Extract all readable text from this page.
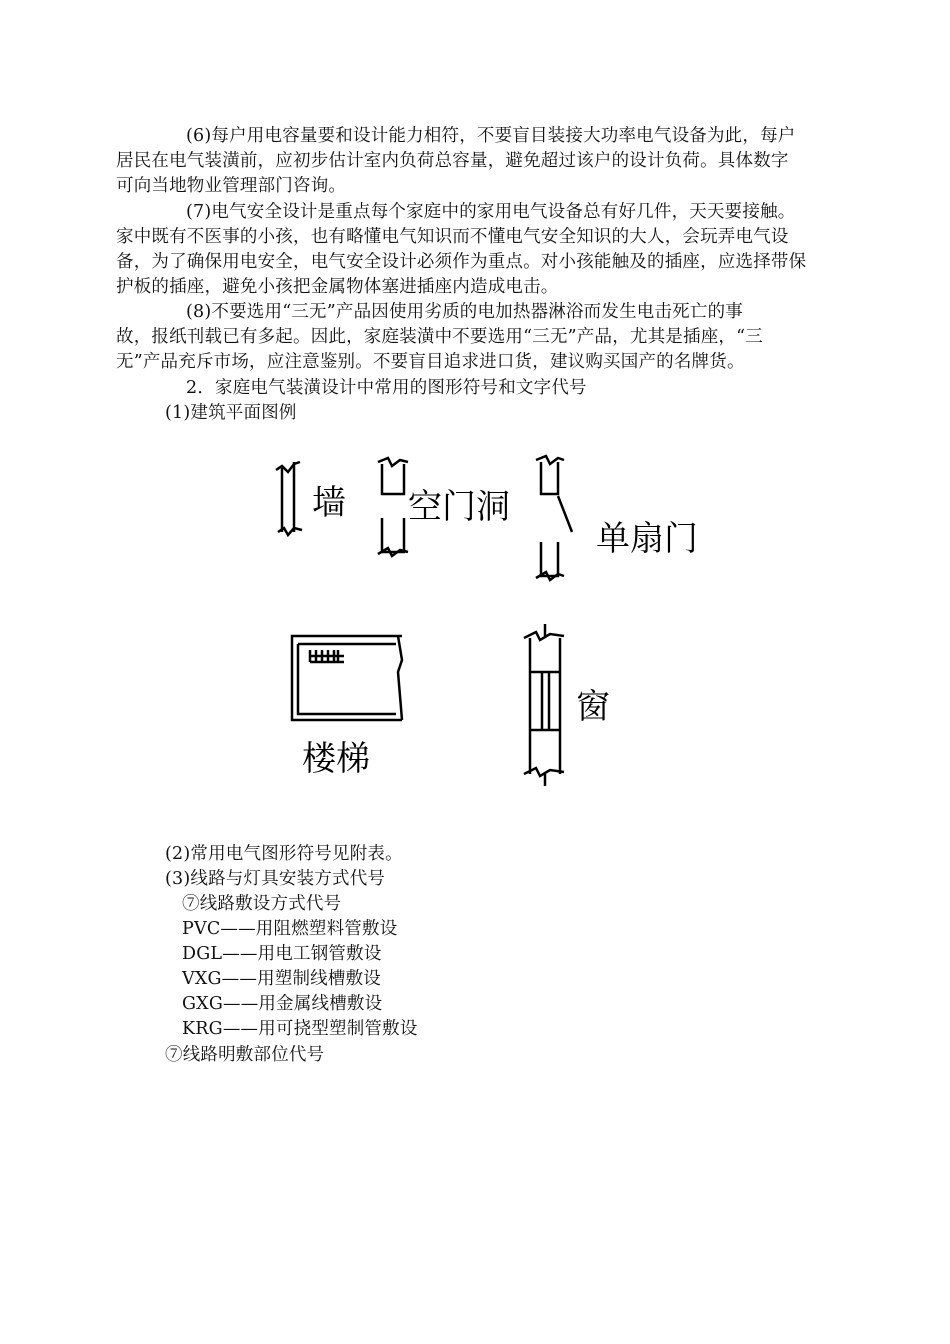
(6)每户用电容量要和设计能力相符，不要盲目装接大功率电气设备为此，每户
居民在电气装潢前，应初步估计室内负荷总容量，避免超过该户的设计负荷。具体数字
可向当地物业管理部门咨询。
(7)电气安全设计是重点每个家庭中的家用电气设备总有好几件，天天要接触。
家中既有不医事的小孩，也有略懂电气知识而不懂电气安全知识的大人，会玩弄电气设
备，为了确保用电安全，电气安全设计必须作为重点。对小孩能触及的插座，应选择带保
护板的插座，避免小孩把金属物体塞进插座内造成电击。
(8)不要选用“三无”产品因使用劣质的电加热器淋浴而发生电击死亡的事
故，报纸刊载已有多起。因此，家庭装潢中不要选用“三无”产品，尤其是插座，“三
无”产品充斥市场，应注意鉴别。不要盲目追求进口货，建议购买国产的名牌货。
2．家庭电气装潢设计中常用的图形符号和文字代号
(1)建筑平面图例
墙 空门洞
单扇门
楼梯
窗
(2)常用电气图形符号见附表。
(3)线路与灯具安装方式代号
⑦线路敷设方式代号
PVC——用阻燃塑料管敷设
DGL——用电工钢管敷设
VXG——用塑制线槽敷设
GXG——用金属线槽敷设
KRG——用可挠型塑制管敷设
⑦线路明敷部位代号
